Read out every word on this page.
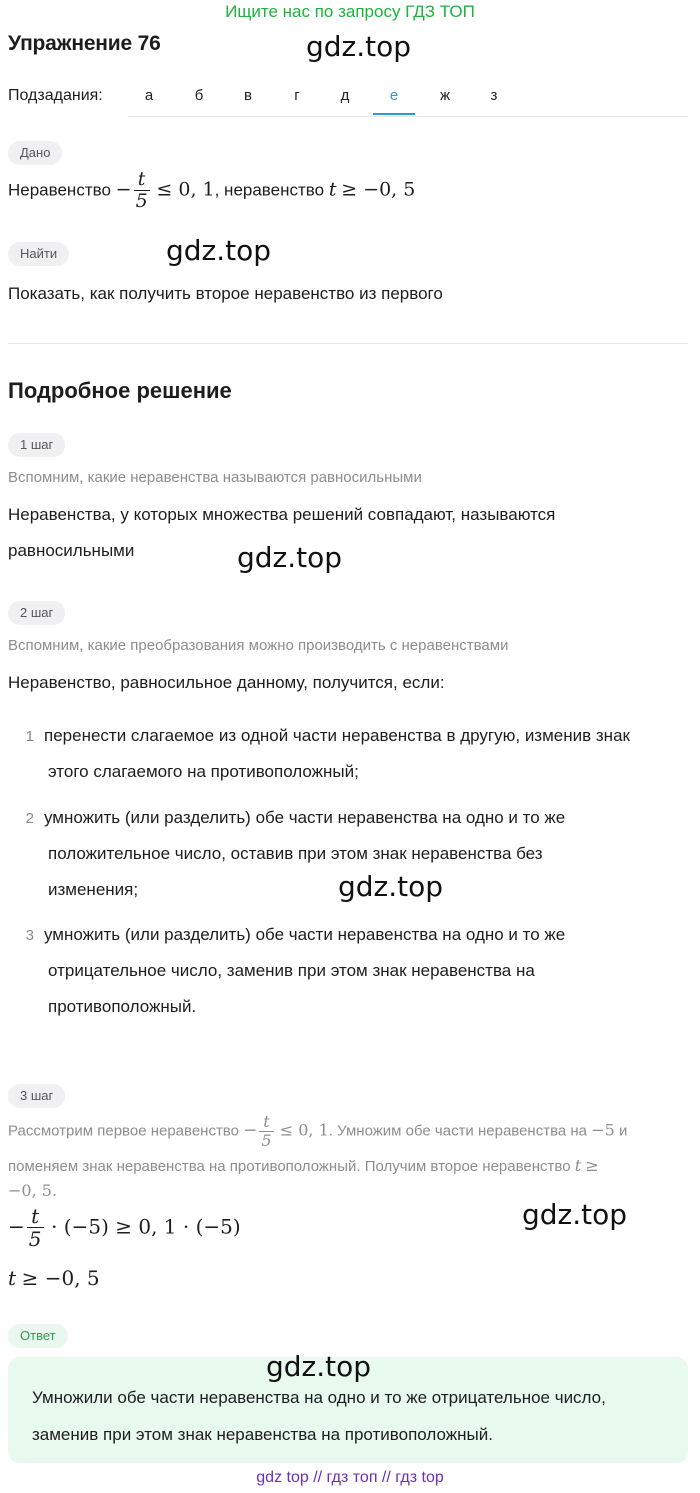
Ищите нас по запросу ГДЗ ТОП
Упражнение 76	gdz.top
Подзадания:	а	б	в	г	д	е	ж	з
Дано
Неравенство − $\frac{t}{5} \le 0$, 1, неравенство t ≥ −0, 5
Найти	gdz.top
Показать, как получить второе неравенство из первого
Подробное решение
1 шаг
Вспомним, какие неравенства называются равносильными
Неравенства, у которых множества решений совпадают, называются
равносильными	gdz.top
2 шаг
Вспомним, какие преобразования можно производить с неравенствами
Неравенство, равносильное данному, получится, если:
1 перенести слагаемое из одной части неравенства в другую, изменив знак
этого слагаемого на противоположный;
2 умножить (или разделить) обе части неравенства на одно и то же
положительное число, оставив при этом знак неравенства без
изменения;	gdz.top
3 умножить (или разделить) обе части неравенства на одно и то же
отрицательное число, заменив при этом знак неравенства на
противоположный.
3 шаг
Рассмотрим первое неравенство − $\frac{t}{5} \le 0$, 1. Умножим обе части неравенства на −5 и
поменяем знак неравенства на противоположный. Получим второе неравенство t ≥
−0, 5.
− $\frac{t}{5} \cdot (-5) \ge 0$, 1 · (−5)	gdz.top
t ≥ −0, 5
Ответ
gdz.top
Умножили обе части неравенства на одно и то же отрицательное число,
заменив при этом знак неравенства на противоположный.
gdz top // гдз топ // гдз top
